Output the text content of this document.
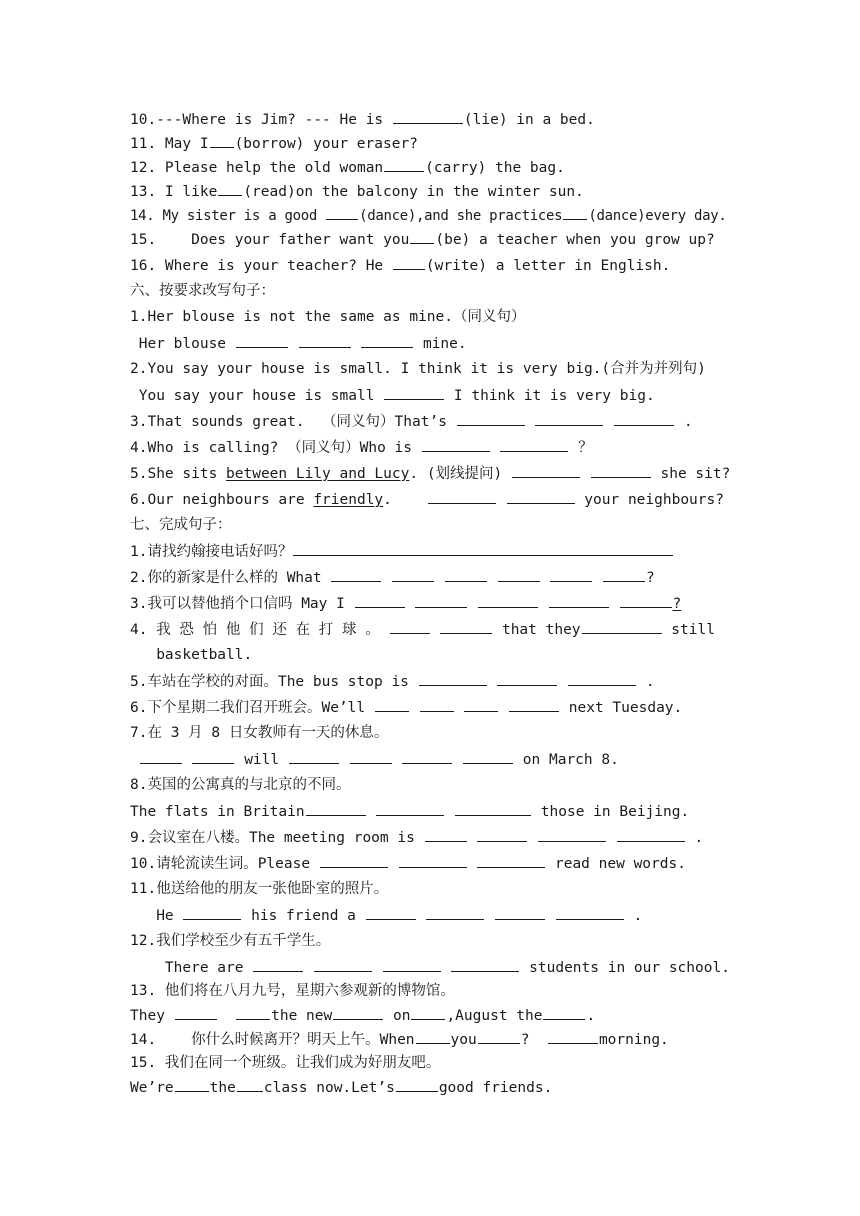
10.---Where is Jim? --- He is	(lie) in a bed.

11. May I (borrow) your eraser?

12. Please help the old woman	(carry) the bag.

13. I like (read)on the balcony in the winter sun.

14. My sister is a good (dance),and she practices (dance)every day.

15.    Does your father want you (be) a teacher when you grow up?

16. Where is your teacher? He (write) a letter in English.

六、按要求改写句子：

1.Her blouse is not the same as mine.（同义句）

Her blouse	mine.

2.You say your house is small. I think it is very big.(合并为并列句)

You say your house is small	I think it is very big.

3.That sounds great.  （同义句）That’s	.

4.Who is calling? （同义句）Who is	？

5.She sits between Lily and Lucy. (划线提问)	she sit?

6.Our neighbours are friendly.	your neighbours?

七、完成句子：

1.请找约翰接电话好吗？

2.你的新家是什么样的 What	?

3.我可以替他捎个口信吗 May I	?

4. 我 恐 怕 他 们 还 在 打 球 。	that they	still

basketball.

5.车站在学校的对面。The bus stop is	.

6.下个星期二我们召开班会。We’ll	next Tuesday.

7.在 3 月 8 日女教师有一天的休息。

will	on March 8.

8.英国的公寓真的与北京的不同。

The flats in Britain	those in Beijing.

9.会议室在八楼。The meeting room is	.

10.请轮流读生词。Please	read new words.

11.他送给他的朋友一张他卧室的照片。

He	his friend a	.

12.我们学校至少有五千学生。

There are	students in our school.

13. 他们将在八月九号，星期六参观新的博物馆。

They	the new	on ,August the	.

14.    你什么时候离开？明天上午。When you	?	morning.

15. 我们在同一个班级。让我们成为好朋友吧。

We’re the class now.Let’s	good friends.
